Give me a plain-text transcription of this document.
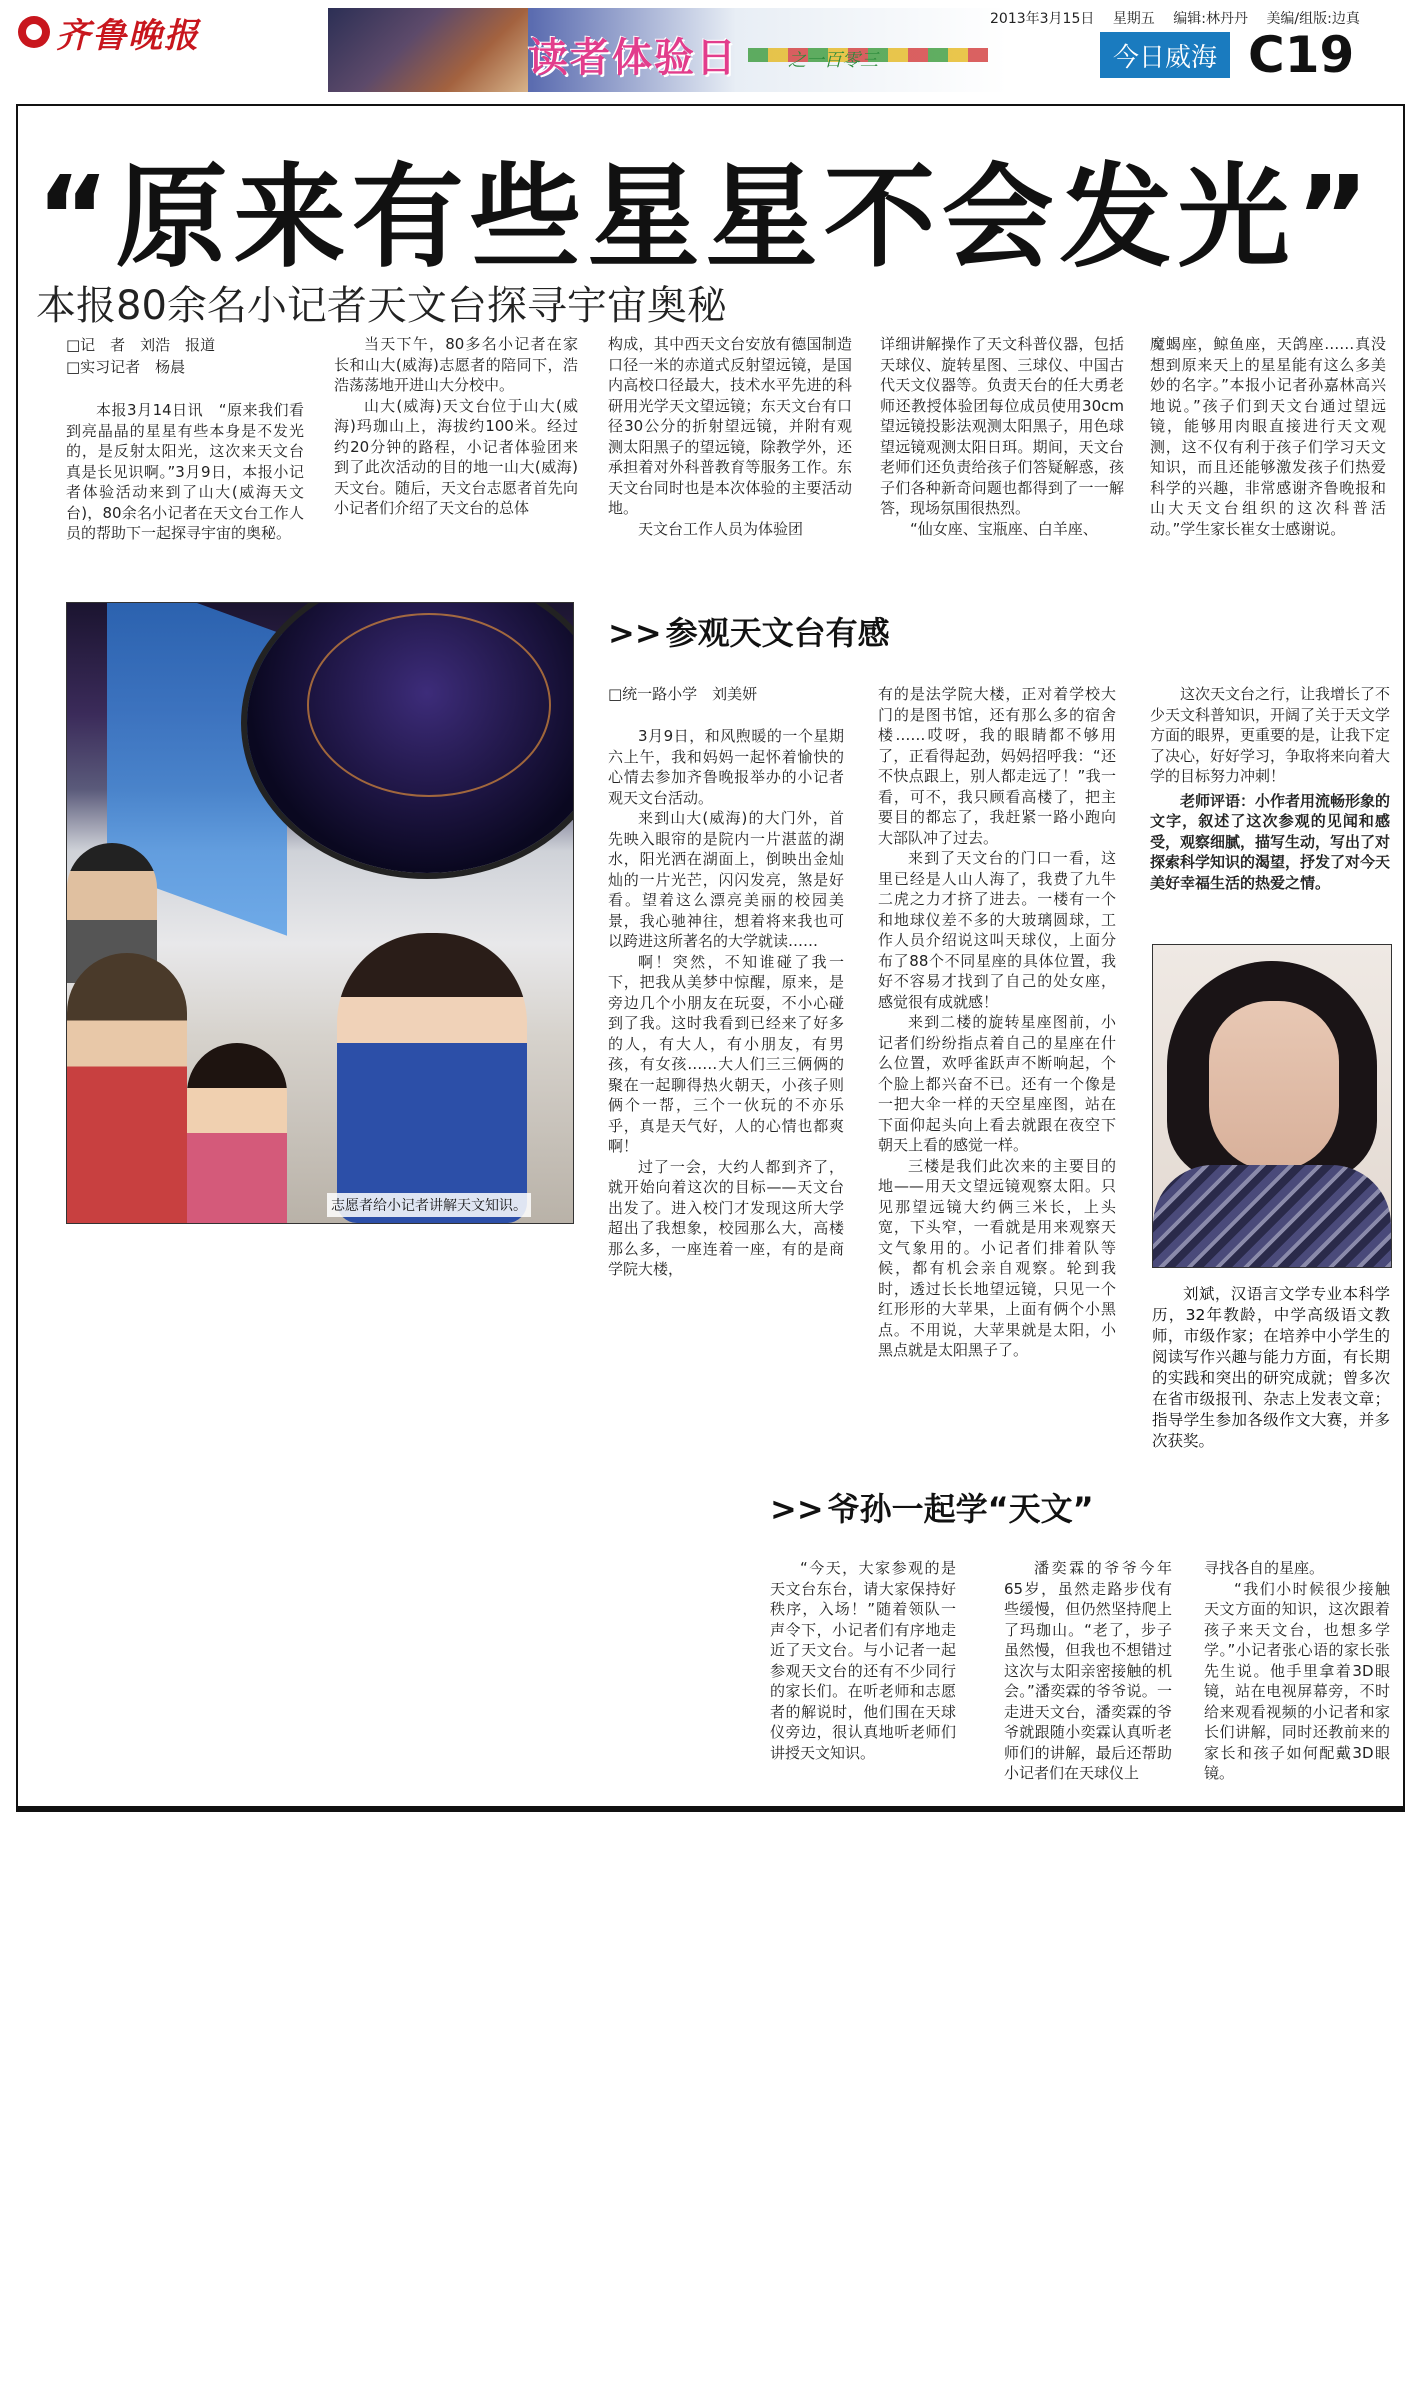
齐鲁晚报	读者体验日	之一百零三
2013年3月15日 星期五 编辑:林丹丹 美编/组版:边真
今日威海 C19
“原来有些星星不会发光”
本报80余名小记者天文台探寻宇宙奥秘
□记　者　刘浩　报道
□实习记者　杨晨

本报3月14日讯　“原来我们看到亮晶晶的星星有些本身是不发光的，是反射太阳光，这次来天文台真是长见识啊。”3月9日，本报小记者体验活动来到了山大(威海天文台)，80余名小记者在天文台工作人员的帮助下一起探寻宇宙的奥秘。

当天下午，80多名小记者在家长和山大(威海)志愿者的陪同下，浩浩荡荡地开进山大分校中。

山大(威海)天文台位于山大(威海)玛珈山上，海拔约100米。经过约20分钟的路程，小记者体验团来到了此次活动的目的地一山大(威海)天文台。随后，天文台志愿者首先向小记者们介绍了天文台的总体

构成，其中西天文台安放有德国制造口径一米的赤道式反射望远镜，是国内高校口径最大，技术水平先进的科研用光学天文望远镜；东天文台有口径30公分的折射望远镜，并附有观测太阳黑子的望远镜，除教学外，还承担着对外科普教育等服务工作。东天文台同时也是本次体验的主要活动地。

天文台工作人员为体验团

详细讲解操作了天文科普仪器，包括天球仪、旋转星图、三球仪、中国古代天文仪器等。负责天台的任大勇老师还教授体验团每位成员使用30cm望远镜投影法观测太阳黑子，用色球望远镜观测太阳日珥。期间，天文台老师们还负责给孩子们答疑解惑，孩子们各种新奇问题也都得到了一一解答，现场氛围很热烈。

“仙女座、宝瓶座、白羊座、

魔蝎座，鲸鱼座，天鸽座……真没想到原来天上的星星能有这么多美妙的名字。”本报小记者孙嘉林高兴地说。”孩子们到天文台通过望远镜，能够用肉眼直接进行天文观测，这不仅有利于孩子们学习天文知识，而且还能够激发孩子们热爱科学的兴趣，非常感谢齐鲁晚报和山大天文台组织的这次科普活动。”学生家长崔女士感谢说。

志愿者给小记者讲解天文知识。
>> 参观天文台有感
□统一路小学　刘美妍

3月9日，和风煦暖的一个星期六上午，我和妈妈一起怀着愉快的心情去参加齐鲁晚报举办的小记者观天文台活动。

来到山大(威海)的大门外，首先映入眼帘的是院内一片湛蓝的湖水，阳光洒在湖面上，倒映出金灿灿的一片光芒，闪闪发亮，煞是好看。望着这么漂亮美丽的校园美景，我心驰神往，想着将来我也可以跨进这所著名的大学就读……

啊！突然，不知谁碰了我一下，把我从美梦中惊醒，原来，是旁边几个小朋友在玩耍，不小心碰到了我。这时我看到已经来了好多的人，有大人，有小朋友，有男孩，有女孩……大人们三三俩俩的聚在一起聊得热火朝天，小孩子则俩个一帮，三个一伙玩的不亦乐乎，真是天气好，人的心情也都爽啊！

过了一会，大约人都到齐了，就开始向着这次的目标——天文台出发了。进入校门才发现这所大学超出了我想象，校园那么大，高楼那么多，一座连着一座，有的是商学院大楼，

有的是法学院大楼，正对着学校大门的是图书馆，还有那么多的宿舍楼……哎呀，我的眼睛都不够用了，正看得起劲，妈妈招呼我：“还不快点跟上，别人都走远了！”我一看，可不，我只顾看高楼了，把主要目的都忘了，我赶紧一路小跑向大部队冲了过去。

来到了天文台的门口一看，这里已经是人山人海了，我费了九牛二虎之力才挤了进去。一楼有一个和地球仪差不多的大玻璃圆球，工作人员介绍说这叫天球仪，上面分布了88个不同星座的具体位置，我好不容易才找到了自己的处女座，感觉很有成就感！

来到二楼的旋转星座图前，小记者们纷纷指点着自己的星座在什么位置，欢呼雀跃声不断响起，个个脸上都兴奋不已。还有一个像是一把大伞一样的天空星座图，站在下面仰起头向上看去就跟在夜空下朝天上看的感觉一样。

三楼是我们此次来的主要目的地——用天文望远镜观察太阳。只见那望远镜大约俩三米长，上头宽，下头窄，一看就是用来观察天文气象用的。小记者们排着队等候，都有机会亲自观察。轮到我时，透过长长地望远镜，只见一个红形形的大苹果，上面有俩个小黑点。不用说，大苹果就是太阳，小黑点就是太阳黑子了。

这次天文台之行，让我增长了不少天文科普知识，开阔了关于天文学方面的眼界，更重要的是，让我下定了决心，好好学习，争取将来向着大学的目标努力冲刺！

老师评语：小作者用流畅形象的文字，叙述了这次参观的见闻和感受，观察细腻，描写生动，写出了对探索科学知识的渴望，抒发了对今天美好幸福生活的热爱之情。

刘斌，汉语言文学专业本科学历，32年教龄，中学高级语文教师，市级作家；在培养中小学生的阅读写作兴趣与能力方面，有长期的实践和突出的研究成就；曾多次在省市级报刊、杂志上发表文章；指导学生参加各级作文大赛，并多次获奖。

>> 爷孙一起学“天文”

“今天，大家参观的是天文台东台，请大家保持好秩序，入场！”随着领队一声令下，小记者们有序地走近了天文台。与小记者一起参观天文台的还有不少同行的家长们。在听老师和志愿者的解说时，他们围在天球仪旁边，很认真地听老师们讲授天文知识。

潘奕霖的爷爷今年65岁，虽然走路步伐有些缓慢，但仍然坚持爬上了玛珈山。“老了，步子虽然慢，但我也不想错过这次与太阳亲密接触的机会。”潘奕霖的爷爷说。一走进天文台，潘奕霖的爷爷就跟随小奕霖认真听老师们的讲解，最后还帮助小记者们在天球仪上

寻找各自的星座。

“我们小时候很少接触天文方面的知识，这次跟着孩子来天文台，也想多学学。”小记者张心语的家长张先生说。他手里拿着3D眼镜，站在电视屏幕旁，不时给来观看视频的小记者和家长们讲解，同时还教前来的家长和孩子如何配戴3D眼镜。
